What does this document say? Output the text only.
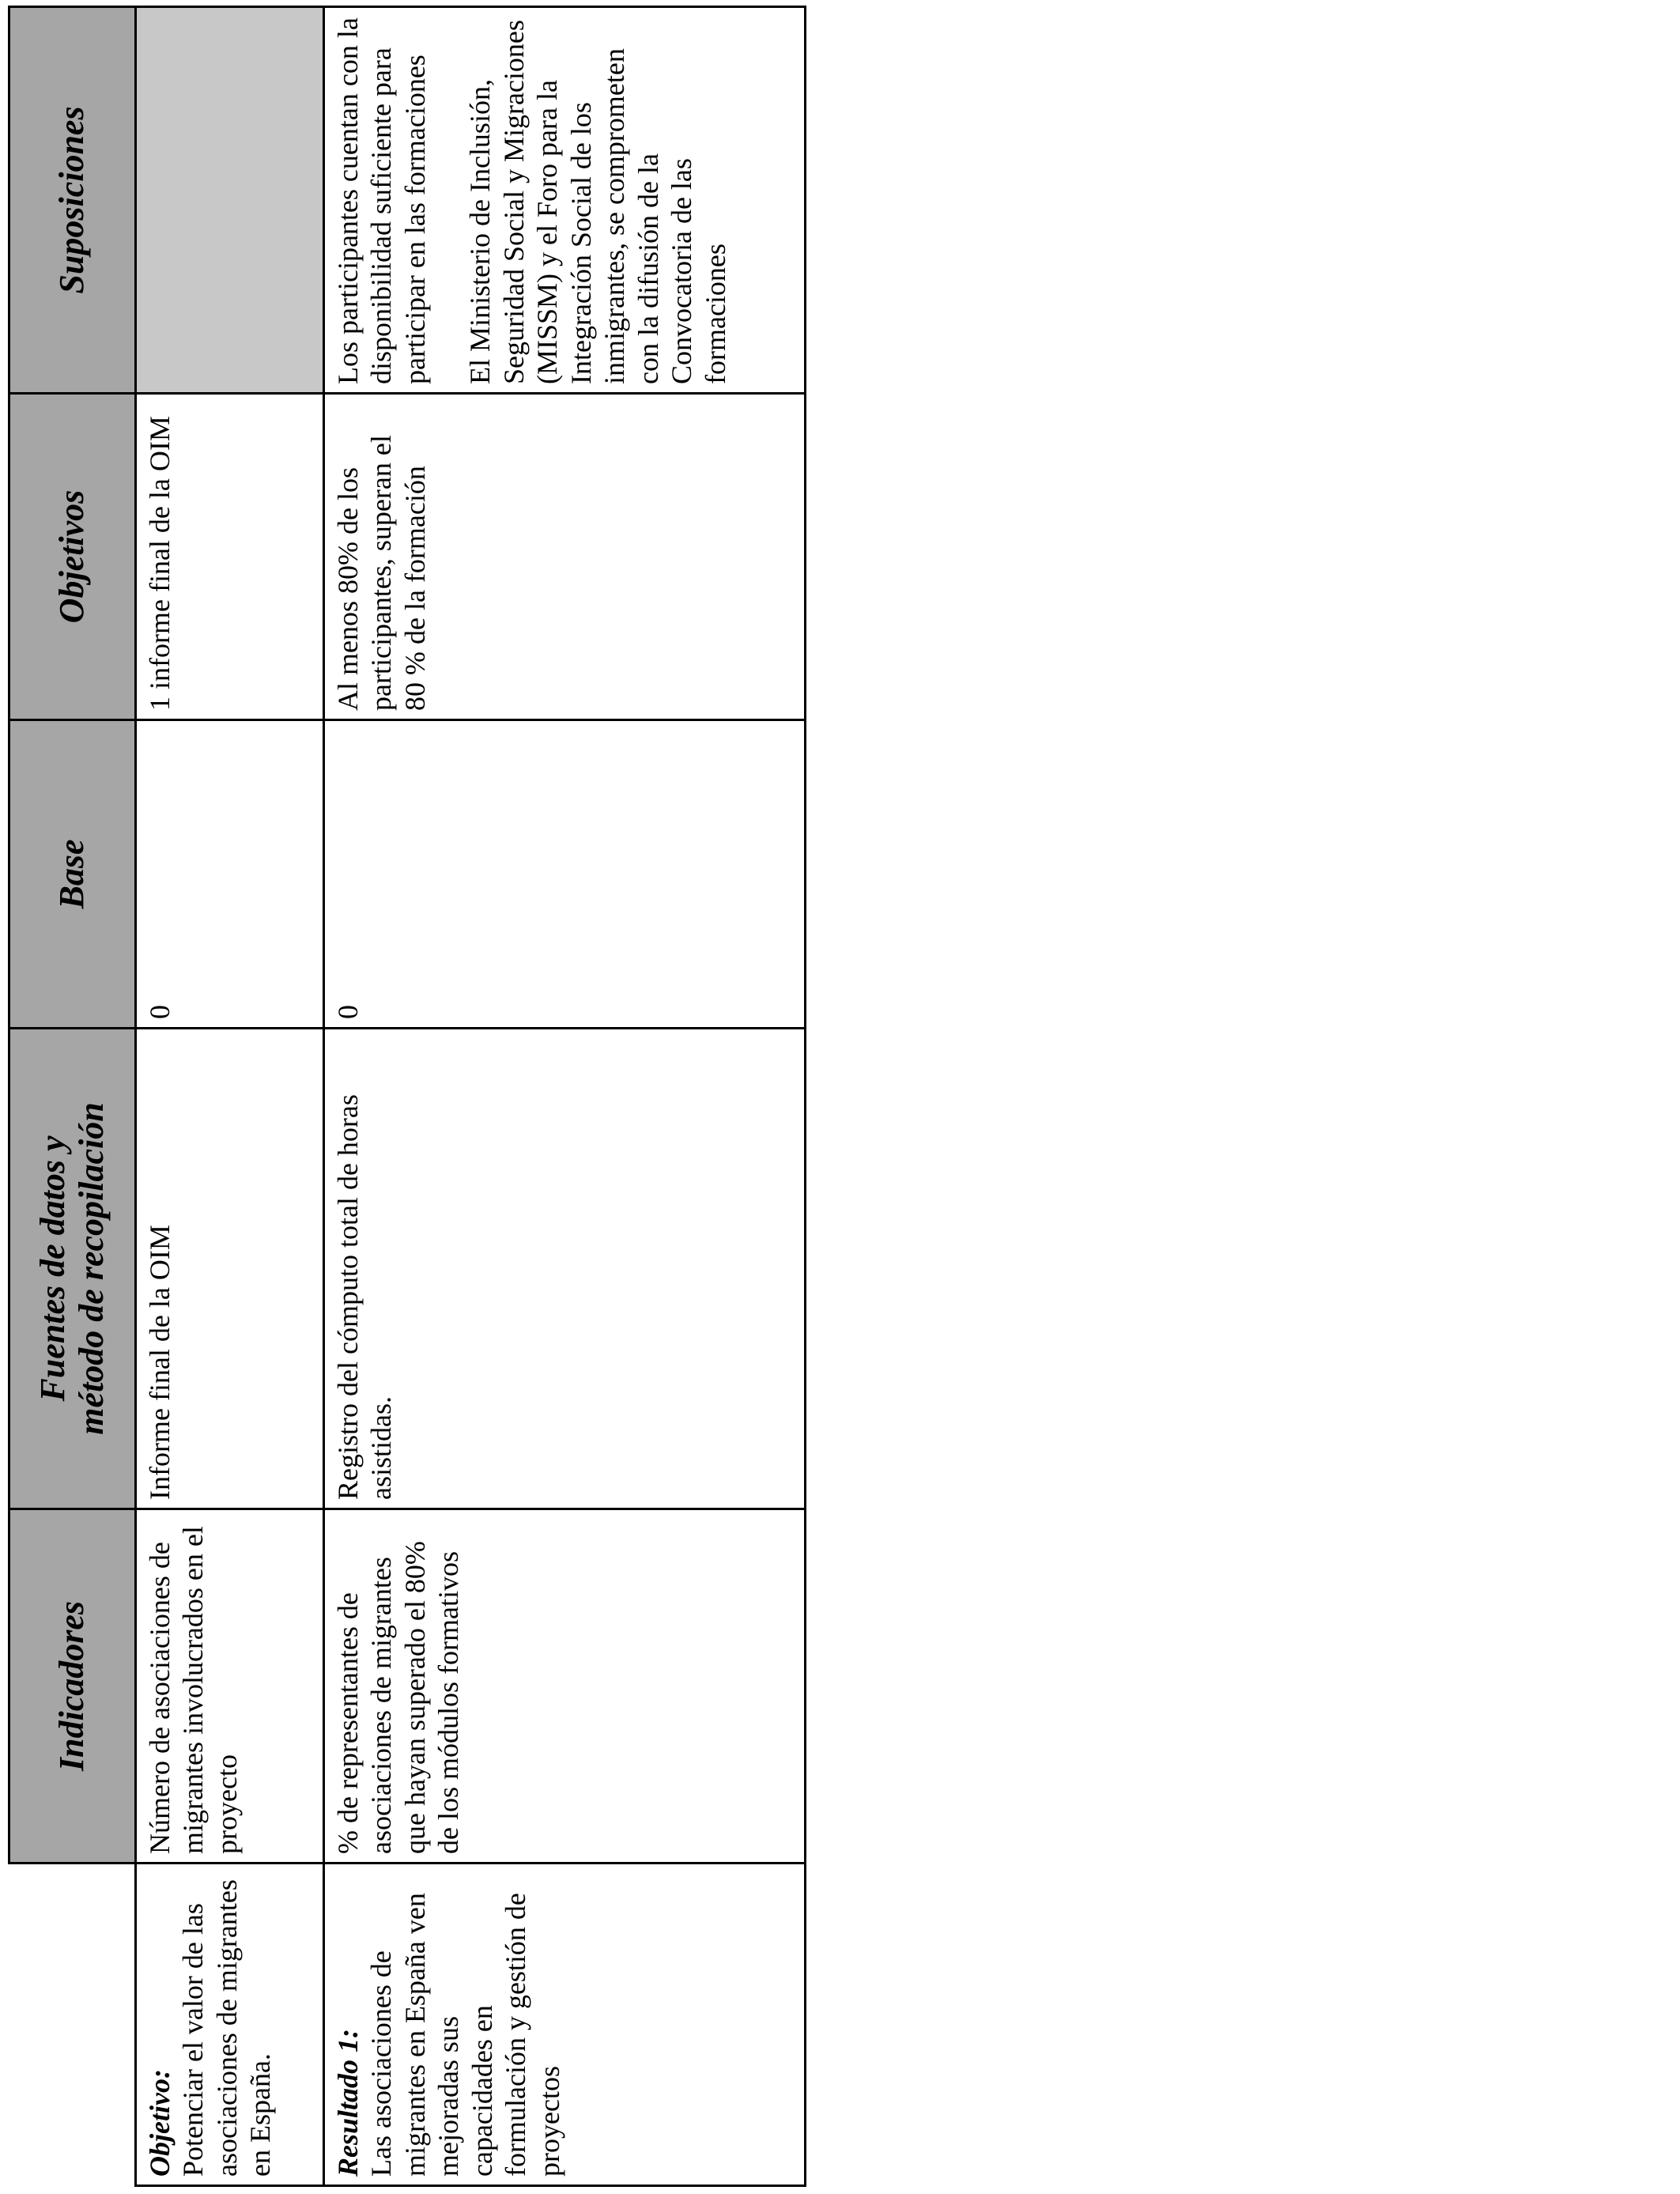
	Indicadores	Fuentes de datos y método de recopilación	Base	Objetivos	Suposiciones

Objetivo: Potenciar el valor de las asociaciones de migrantes en España.	Número de asociaciones de migrantes involucrados en el proyecto	Informe final de la OIM	0	1 informe final de la OIM	

Resultado 1: Las asociaciones de migrantes en España ven mejoradas sus capacidades en formulación y gestión de proyectos	% de representantes de asociaciones de migrantes que hayan superado el 80% de los módulos formativos	Registro del cómputo total de horas asistidas.	0	Al menos 80% de los participantes, superan el 80 % de la formación	Los participantes cuentan con la disponibilidad suficiente para participar en las formaciones El Ministerio de Inclusión, Seguridad Social y Migraciones (MISSM) y el Foro para la Integración Social de los inmigrantes, se comprometen con la difusión de la Convocatoria de las formaciones
